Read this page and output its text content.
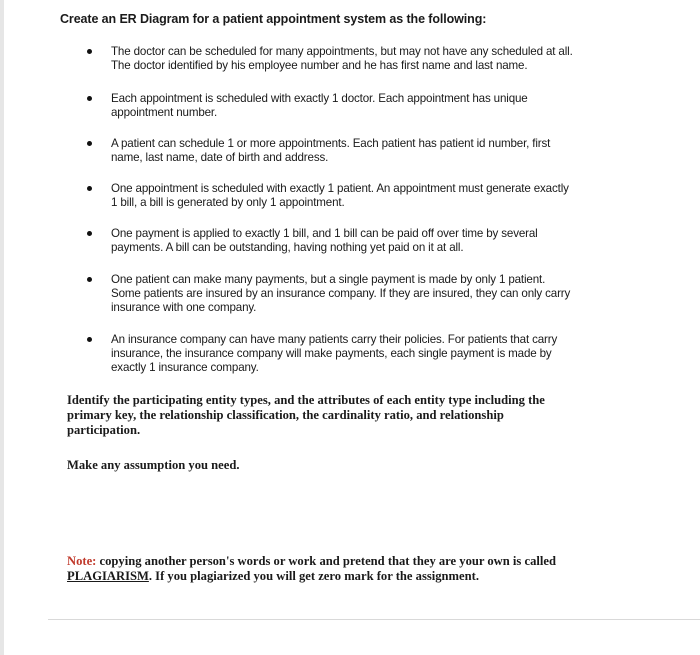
Create an ER Diagram for a patient appointment system as the following:
The doctor can be scheduled for many appointments, but may not have any scheduled at all.
The doctor identified by his employee number and he has first name and last name.
Each appointment is scheduled with exactly 1 doctor. Each appointment has unique
appointment number.
A patient can schedule 1 or more appointments. Each patient has patient id number, first
name, last name, date of birth and address.
One appointment is scheduled with exactly 1 patient. An appointment must generate exactly
1 bill, a bill is generated by only 1 appointment.
One payment is applied to exactly 1 bill, and 1 bill can be paid off over time by several
payments. A bill can be outstanding, having nothing yet paid on it at all.
One patient can make many payments, but a single payment is made by only 1 patient.
Some patients are insured by an insurance company. If they are insured, they can only carry
insurance with one company.
An insurance company can have many patients carry their policies. For patients that carry
insurance, the insurance company will make payments, each single payment is made by
exactly 1 insurance company.
Identify the participating entity types, and the attributes of each entity type including the
primary key, the relationship classification, the cardinality ratio, and relationship
participation.
Make any assumption you need.
Note: copying another person's words or work and pretend that they are your own is called
PLAGIARISM. If you plagiarized you will get zero mark for the assignment.
